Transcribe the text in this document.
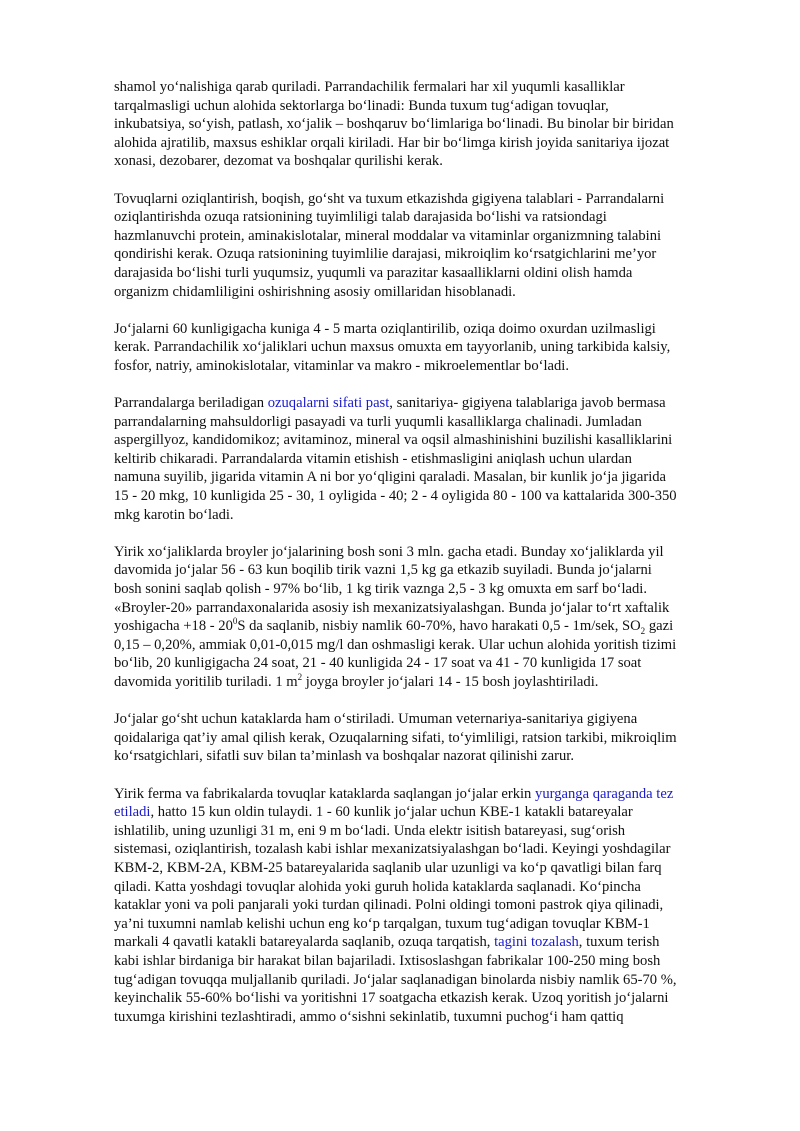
shamol yo‘nalishiga qarab quriladi. Parrandachilik fermalari har xil yuqumli kasalliklar
tarqalmasligi uchun alohida sektorlarga bo‘linadi: Bunda tuxum tug‘adigan tovuqlar,
inkubatsiya, so‘yish, patlash, xo‘jalik – boshqaruv bo‘limlariga bo‘linadi. Bu binolar bir biridan
alohida ajratilib, maxsus eshiklar orqali kiriladi. Har bir bo‘limga kirish joyida sanitariya ijozat
xonasi, dezobarer, dezomat va boshqalar qurilishi kerak.
Tovuqlarni oziqlantirish, boqish, go‘sht va tuxum etkazishda gigiyena talablari - Parrandalarni
oziqlantirishda ozuqa ratsionining tuyimliligi talab darajasida bo‘lishi va ratsiondagi
hazmlanuvchi protein, aminakislotalar, mineral moddalar va vitaminlar organizmning talabini
qondirishi kerak. Ozuqa ratsionining tuyimlilie darajasi, mikroiqlim ko‘rsatgichlarini me’yor
darajasida bo‘lishi turli yuqumsiz, yuqumli va parazitar kasaalliklarni oldini olish hamda
organizm chidamliligini oshirishning asosiy omillaridan hisoblanadi.
Jo‘jalarni 60 kunligigacha kuniga 4 - 5 marta oziqlantirilib, oziqa doimo oxurdan uzilmasligi
kerak. Parrandachilik xo‘jaliklari uchun maxsus omuxta em tayyorlanib, uning tarkibida kalsiy,
fosfor, natriy, aminokislotalar, vitaminlar va makro - mikroelementlar bo‘ladi.
Parrandalarga beriladigan ozuqalarni sifati past, sanitariya- gigiyena talablariga javob bermasa
parrandalarning mahsuldorligi pasayadi va turli yuqumli kasalliklarga chalinadi. Jumladan
aspergillyoz, kandidomikoz; avitaminoz, mineral va oqsil almashinishini buzilishi kasalliklarini
keltirib chikaradi. Parrandalarda vitamin etishish - etishmasligini aniqlash uchun ulardan
namuna suyilib, jigarida vitamin A ni bor yo‘qligini qaraladi. Masalan, bir kunlik jo‘ja jigarida
15 - 20 mkg, 10 kunligida 25 - 30, 1 oyligida - 40; 2 - 4 oyligida 80 - 100 va kattalarida 300-350
mkg karotin bo‘ladi.
Yirik xo‘jaliklarda broyler jo‘jalarining bosh soni 3 mln. gacha etadi. Bunday xo‘jaliklarda yil
davomida jo‘jalar 56 - 63 kun boqilib tirik vazni 1,5 kg ga etkazib suyiladi. Bunda jo‘jalarni
bosh sonini saqlab qolish - 97% bo‘lib, 1 kg tirik vaznga 2,5 - 3 kg omuxta em sarf bo‘ladi.
«Broyler-20» parrandaxonalarida asosiy ish mexanizatsiyalashgan. Bunda jo‘jalar to‘rt xaftalik
yoshigacha $+18 - 20^0S$ da saqlanib, nisbiy namlik 60-70%, havo harakati 0,5 - 1m/sek, $SO_2$ gazi
0,15 – 0,20%, ammiak 0,01-0,015 mg/l dan oshmasligi kerak. Ular uchun alohida yoritish tizimi
bo‘lib, 20 kunligigacha 24 soat, 21 - 40 kunligida 24 - 17 soat va 41 - 70 kunligida 17 soat
davomida yoritilib turiladi. 1 $m^2$ joyga broyler jo‘jalari 14 - 15 bosh joylashtiriladi.
Jo‘jalar go‘sht uchun kataklarda ham o‘stiriladi. Umuman veternariya-sanitariya gigiyena
qoidalariga qat’iy amal qilish kerak, Ozuqalarning sifati, to‘yimliligi, ratsion tarkibi, mikroiqlim
ko‘rsatgichlari, sifatli suv bilan ta’minlash va boshqalar nazorat qilinishi zarur.
Yirik ferma va fabrikalarda tovuqlar kataklarda saqlangan jo‘jalar erkin yurganga qaraganda tez
etiladi, hatto 15 kun oldin tulaydi. 1 - 60 kunlik jo‘jalar uchun KBE-1 katakli batareyalar
ishlatilib, uning uzunligi 31 m, eni 9 m bo‘ladi. Unda elektr isitish batareyasi, sug‘orish
sistemasi, oziqlantirish, tozalash kabi ishlar mexanizatsiyalashgan bo‘ladi. Keyingi yoshdagilar
KBM-2, KBM-2A, KBM-25 batareyalarida saqlanib ular uzunligi va ko‘p qavatligi bilan farq
qiladi. Katta yoshdagi tovuqlar alohida yoki guruh holida kataklarda saqlanadi. Ko‘pincha
kataklar yoni va poli panjarali yoki turdan qilinadi. Polni oldingi tomoni pastrok qiya qilinadi,
ya’ni tuxumni namlab kelishi uchun eng ko‘p tarqalgan, tuxum tug‘adigan tovuqlar KBM-1
markali 4 qavatli katakli batareyalarda saqlanib, ozuqa tarqatish, tagini tozalash, tuxum terish
kabi ishlar birdaniga bir harakat bilan bajariladi. Ixtisoslashgan fabrikalar 100-250 ming bosh
tug‘adigan tovuqqa muljallanib quriladi. Jo‘jalar saqlanadigan binolarda nisbiy namlik 65-70 %,
keyinchalik 55-60% bo‘lishi va yoritishni 17 soatgacha etkazish kerak. Uzoq yoritish jo‘jalarni
tuxumga kirishini tezlashtiradi, ammo o‘sishni sekinlatib, tuxumni puchog‘i ham qattiq
